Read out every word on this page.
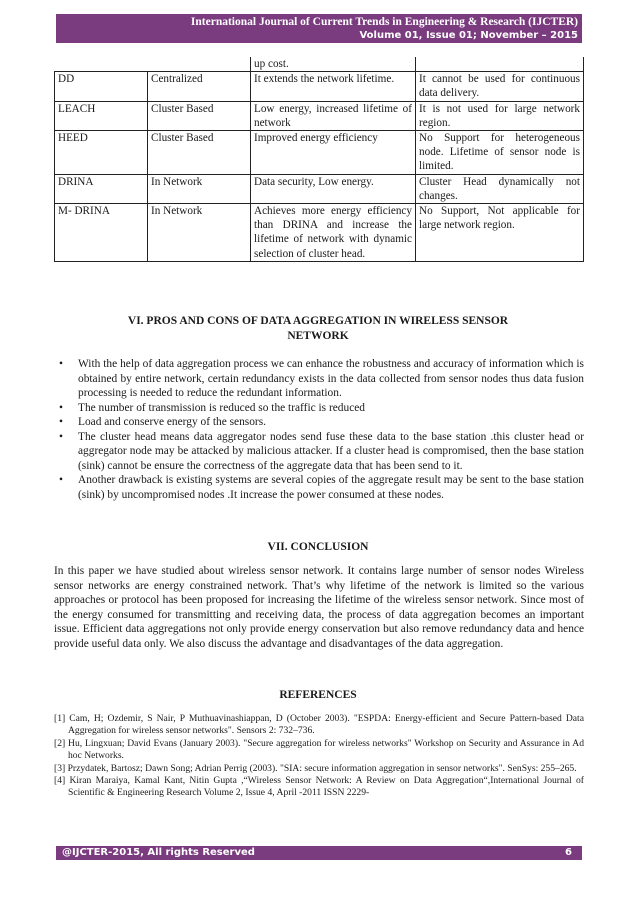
International Journal of Current Trends in Engineering & Research (IJCTER)
Volume 01, Issue 01; November – 2015
		up cost.	
DD	Centralized	It extends the network lifetime.	It cannot be used for continuous data delivery.
LEACH	Cluster Based	Low energy, increased lifetime of network	It is not used for large network region.
HEED	Cluster Based	Improved energy efficiency	No Support for heterogeneous node. Lifetime of sensor node is limited.
DRINA	In Network	Data security, Low energy.	Cluster Head dynamically not changes.
M- DRINA	In Network	Achieves more energy efficiency than DRINA and increase the lifetime of network with dynamic selection of cluster head.	No Support, Not applicable for large network region.
VI. PROS AND CONS OF DATA AGGREGATION IN WIRELESS SENSOR
NETWORK
• With the help of data aggregation process we can enhance the robustness and accuracy of information which is obtained by entire network, certain redundancy exists in the data collected from sensor nodes thus data fusion processing is needed to reduce the redundant information.
• The number of transmission is reduced so the traffic is reduced
• Load and conserve energy of the sensors.
• The cluster head means data aggregator nodes send fuse these data to the base station .this cluster head or aggregator node may be attacked by malicious attacker. If a cluster head is compromised, then the base station (sink) cannot be ensure the correctness of the aggregate data that has been send to it.
• Another drawback is existing systems are several copies of the aggregate result may be sent to the base station (sink) by uncompromised nodes .It increase the power consumed at these nodes.
VII. CONCLUSION
In this paper we have studied about wireless sensor network. It contains large number of sensor nodes Wireless sensor networks are energy constrained network. That’s why lifetime of the network is limited so the various approaches or protocol has been proposed for increasing the lifetime of the wireless sensor network. Since most of the energy consumed for transmitting and receiving data, the process of data aggregation becomes an important issue. Efficient data aggregations not only provide energy conservation but also remove redundancy data and hence provide useful data only. We also discuss the advantage and disadvantages of the data aggregation.
REFERENCES
[1] Cam, H; Ozdemir, S Nair, P Muthuavinashiappan, D (October 2003). "ESPDA: Energy-efficient and Secure Pattern-based Data Aggregation for wireless sensor networks". Sensors 2: 732–736.
[2] Hu, Lingxuan; David Evans (January 2003). "Secure aggregation for wireless networks" Workshop on Security and Assurance in Ad hoc Networks.
[3] Przydatek, Bartosz; Dawn Song; Adrian Perrig (2003). "SIA: secure information aggregation in sensor networks". SenSys: 255–265.
[4] Kiran Maraiya, Kamal Kant, Nitin Gupta ,“Wireless Sensor Network: A Review on Data Aggregation“,International Journal of Scientific & Engineering Research Volume 2, Issue 4, April -2011 ISSN 2229-
@IJCTER-2015, All rights Reserved	6
